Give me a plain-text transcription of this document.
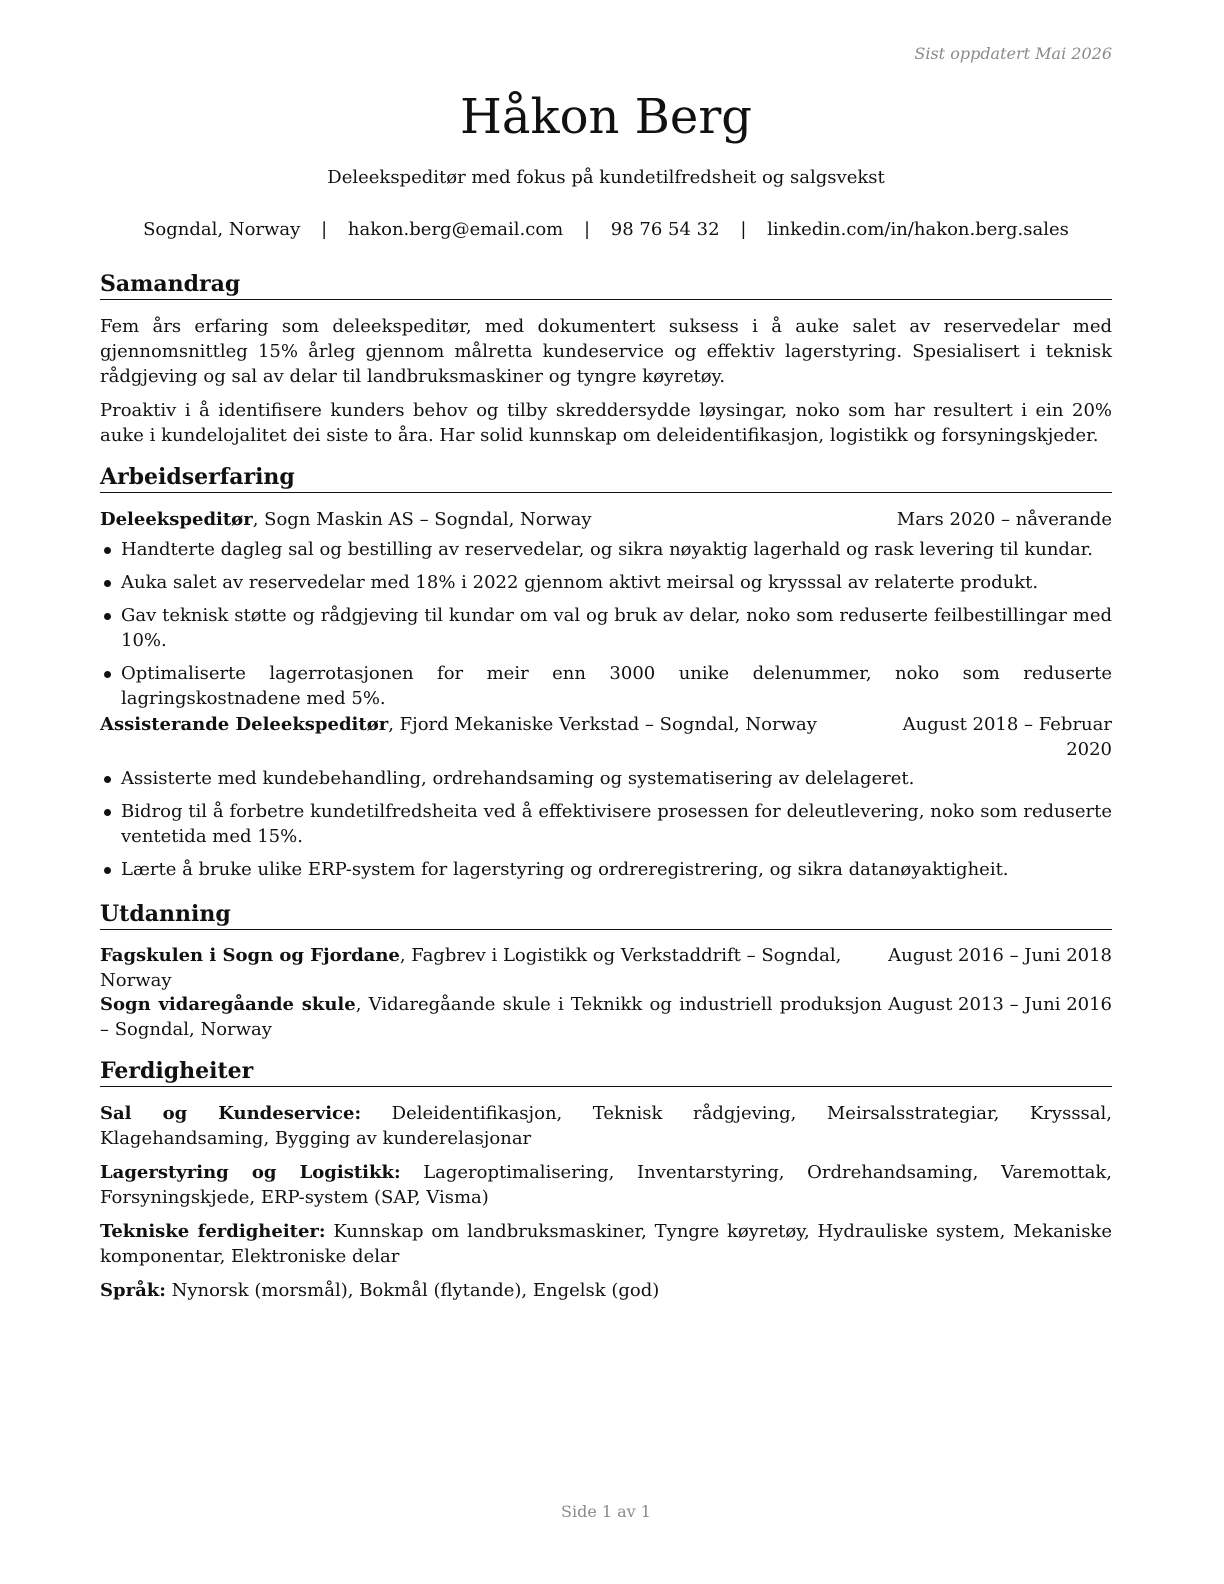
Sist oppdatert Mai 2026
Håkon Berg
Deleekspeditør med fokus på kundetilfredsheit og salgsvekst
Sogndal, Norway | hakon.berg@email.com | 98 76 54 32 | linkedin.com/in/hakon.berg.sales
Samandrag

Fem års erfaring som deleekspeditør, med dokumentert suksess i å auke salet av reservedelar med gjennomsnittleg 15% årleg gjennom målretta kundeservice og effektiv lagerstyring. Spesialisert i teknisk rådgjeving og sal av delar til landbruksmaskiner og tyngre køyretøy.

Proaktiv i å identifisere kunders behov og tilby skreddersydde løysingar, noko som har resultert i ein 20% auke i kundelojalitet dei siste to åra. Har solid kunnskap om deleidentifikasjon, logistikk og forsyningskjeder.

Arbeidserfaring
Deleekspeditør, Sogn Maskin AS – Sogndal, Norway	Mars 2020 – nåverande
Handterte dagleg sal og bestilling av reservedelar, og sikra nøyaktig lagerhald og rask levering til kundar.
Auka salet av reservedelar med 18% i 2022 gjennom aktivt meirsal og krysssal av relaterte produkt.
Gav teknisk støtte og rådgjeving til kundar om val og bruk av delar, noko som reduserte feilbestillingar med 10%.
Optimaliserte lagerrotasjonen for meir enn 3000 unike delenummer, noko som reduserte lagringskostnadene med 5%.
Assisterande Deleekspeditør, Fjord Mekaniske Verkstad – Sogndal, Norway	August 2018 – Februar 2020
Assisterte med kundebehandling, ordrehandsaming og systematisering av delelageret.
Bidrog til å forbetre kundetilfredsheita ved å effektivisere prosessen for deleutlevering, noko som reduserte ventetida med 15%.
Lærte å bruke ulike ERP-system for lagerstyring og ordreregistrering, og sikra datanøyaktigheit.
Utdanning
Fagskulen i Sogn og Fjordane, Fagbrev i Logistikk og Verkstaddrift – Sogndal, Norway
August 2016 – Juni 2018
Sogn vidaregåande skule, Vidaregåande skule i Teknikk og industriell produksjon – Sogndal, Norway
August 2013 – Juni 2016
Ferdigheiter
Sal og Kundeservice: Deleidentifikasjon, Teknisk rådgjeving, Meirsalsstrategiar, Krysssal, Klagehandsaming, Bygging av kunderelasjonar
Lagerstyring og Logistikk: Lageroptimalisering, Inventarstyring, Ordrehandsaming, Varemottak, Forsyningskjede, ERP-system (SAP, Visma)
Tekniske ferdigheiter: Kunnskap om landbruksmaskiner, Tyngre køyretøy, Hydrauliske system, Mekaniske komponentar, Elektroniske delar
Språk: Nynorsk (morsmål), Bokmål (flytande), Engelsk (god)
Side 1 av 1
